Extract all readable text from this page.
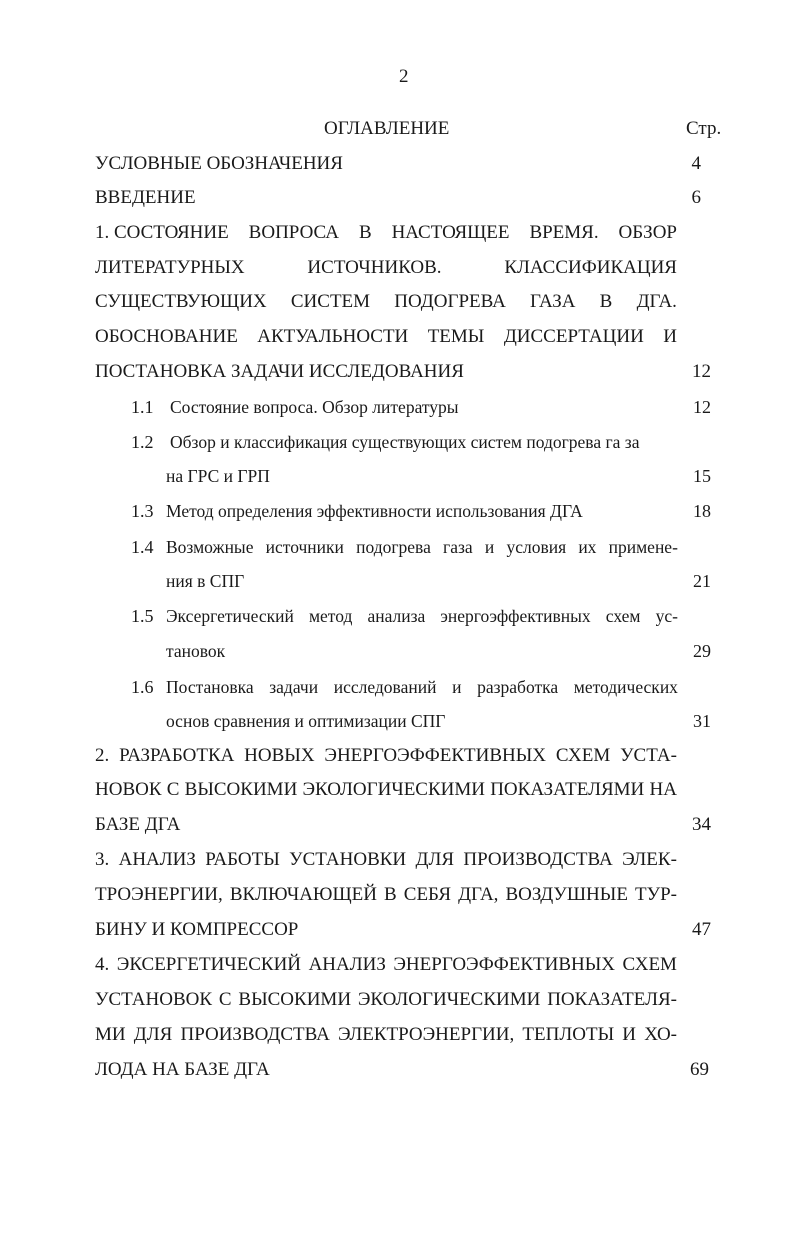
2
ОГЛАВЛЕНИЕ	Стр.
УСЛОВНЫЕ ОБОЗНАЧЕНИЯ	4
ВВЕДЕНИЕ	6
1. СОСТОЯНИЕ ВОПРОСА В НАСТОЯЩЕЕ ВРЕМЯ. ОБЗОР
ЛИТЕРАТУРНЫХ	ИСТОЧНИКОВ.	КЛАССИФИКАЦИЯ
СУЩЕСТВУЮЩИХ СИСТЕМ ПОДОГРЕВА ГАЗА В ДГА.
ОБОСНОВАНИЕ АКТУАЛЬНОСТИ ТЕМЫ ДИССЕРТАЦИИ И
ПОСТАНОВКА ЗАДАЧИ ИССЛЕДОВАНИЯ	12
1.1 Состояние вопроса. Обзор литературы	12
1.2 Обзор и классификация существующих систем подогрева га за
на ГРС и ГРП	15
1.3 Метод определения эффективности использования ДГА	18
1.4 Возможные источники подогрева газа и условия их примене-
ния в СПГ	21
1.5 Эксергетический метод анализа энергоэффективных схем ус-
тановок	29
1.6 Постановка задачи исследований и разработка методических
основ сравнения и оптимизации СПГ	31
2. РАЗРАБОТКА НОВЫХ ЭНЕРГОЭФФЕКТИВНЫХ СХЕМ УСТА-
НОВОК С ВЫСОКИМИ ЭКОЛОГИЧЕСКИМИ ПОКАЗАТЕЛЯМИ НА
БАЗЕ ДГА	34
3. АНАЛИЗ РАБОТЫ УСТАНОВКИ ДЛЯ ПРОИЗВОДСТВА ЭЛЕК-
ТРОЭНЕРГИИ, ВКЛЮЧАЮЩЕЙ В СЕБЯ ДГА, ВОЗДУШНЫЕ ТУР-
БИНУ И КОМПРЕССОР	47
4. ЭКСЕРГЕТИЧЕСКИЙ АНАЛИЗ ЭНЕРГОЭФФЕКТИВНЫХ СХЕМ
УСТАНОВОК С ВЫСОКИМИ ЭКОЛОГИЧЕСКИМИ ПОКАЗАТЕЛЯ-
МИ ДЛЯ ПРОИЗВОДСТВА ЭЛЕКТРОЭНЕРГИИ, ТЕПЛОТЫ И ХО-
ЛОДА НА БАЗЕ ДГА	69
